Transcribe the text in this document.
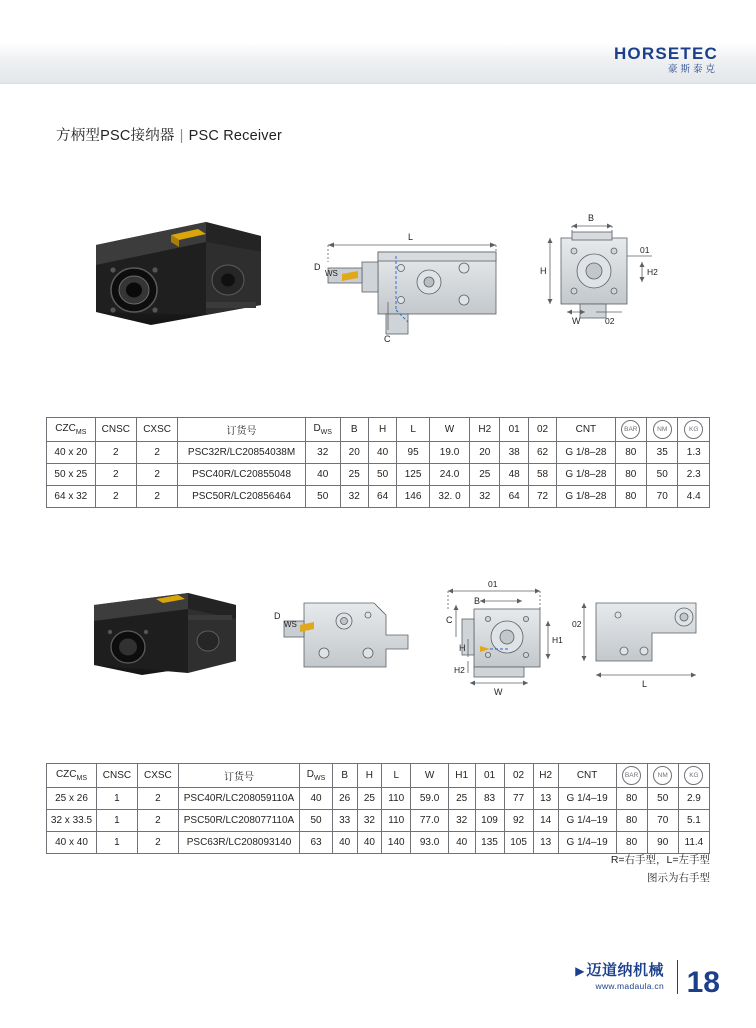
HORSETEC
豪斯泰克
方柄型PSC接纳器 | PSC Receiver
L
D
WS
C
B
H
01
H2
W	02
$CZC_{MS}$	CNSC	CXSC	订货号	$D_{WS}$	B	H	L	W	H2	01	02	CNT	BAR	NM	KG
40 x 20	2	2	PSC32R/LC20854038M	32	20	40	95	19.0	20	38	62	G 1/8–28	80	35	1.3
50 x 25	2	2	PSC40R/LC20855048	40	25	50	125	24.0	25	48	58	G 1/8–28	80	50	2.3
64 x 32	2	2	PSC50R/LC20856464	50	32	64	146	32. 0	32	64	72	G 1/8–28	80	70	4.4
D
WS
01
B
C
H
H2
H1
W
02
L
$CZC_{MS}$	CNSC	CXSC	订货号	$D_{WS}$	B	H	L	W	H1	01	02	H2	CNT	BAR	NM	KG
25 x 26	1	2	PSC40R/LC208059110A	40	26	25	110	59.0	25	83	77	13	G 1/4–19	80	50	2.9
32 x 33.5	1	2	PSC50R/LC208077110A	50	33	32	110	77.0	32	109	92	14	G 1/4–19	80	70	5.1
40 x 40	1	2	PSC63R/LC208093140	63	40	40	140	93.0	40	135	105	13	G 1/4–19	80	90	11.4
R=右手型，L=左手型
图示为右手型
▶ 迈道纳机械
www.madaula.cn 18
